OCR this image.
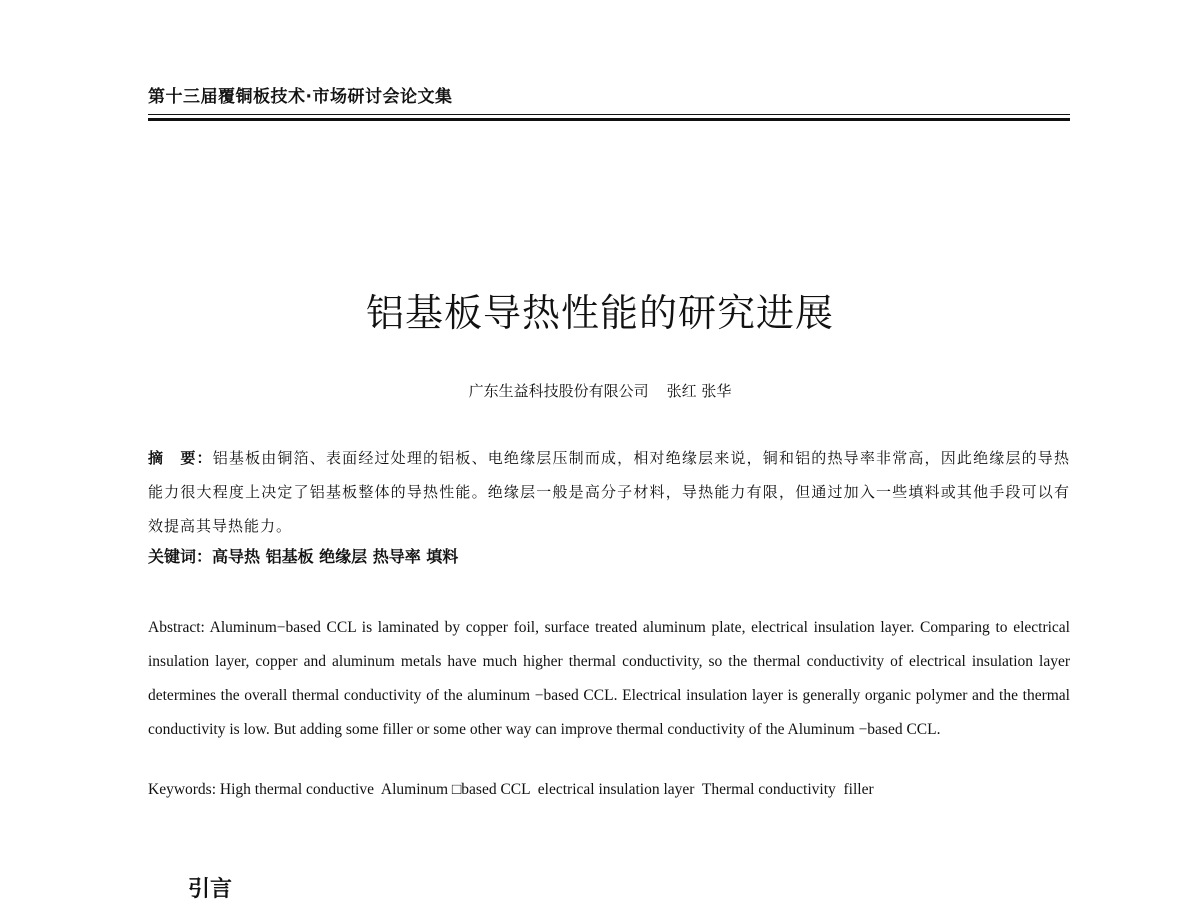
第十三届覆铜板技术·市场研讨会论文集
铝基板导热性能的研究进展
广东生益科技股份有限公司 张红 张华
摘　要：铝基板由铜箔、表面经过处理的铝板、电绝缘层压制而成，相对绝缘层来说，铜和铝的热导率非常高，因此绝缘层的导热能力很大程度上决定了铝基板整体的导热性能。绝缘层一般是高分子材料，导热能力有限，但通过加入一些填料或其他手段可以有效提高其导热能力。
关键词：高导热 铝基板 绝缘层 热导率 填料
Abstract: Aluminum−based CCL is laminated by copper foil, surface treated aluminum plate, electrical insulation layer. Comparing to electrical insulation layer, copper and aluminum metals have much higher thermal conductivity, so the thermal conductivity of electrical insulation layer determines the overall thermal conductivity of the aluminum −based CCL. Electrical insulation layer is generally organic polymer and the thermal conductivity is low. But adding some filler or some other way can improve thermal conductivity of the Aluminum −based CCL.
Keywords: High thermal conductive  Aluminum □based CCL  electrical insulation layer  Thermal conductivity  filler
引言
